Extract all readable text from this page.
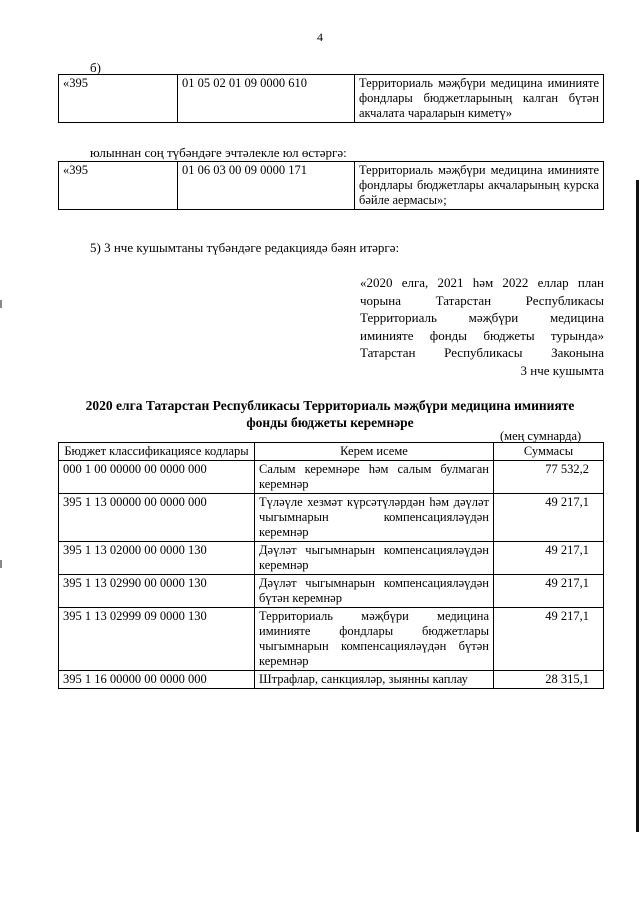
4
б)
«395	01 05 02 01 09 0000 610	Территориаль мәҗбүри медицина иминияте фондлары бюджетларының калган бүтән акчалата чараларын киметү»
юлыннан соң түбәндәге эчтәлекле юл өстәргә:
«395	01 06 03 00 09 0000 171	Территориаль мәҗбүри медицина иминияте фондлары бюджетлары акчаларының курска бәйле аермасы»;
5) 3 нче кушымтаны түбәндәге редакциядә бәян итәргә:
«2020 елга, 2021 һәм 2022 еллар план
чорына Татарстан Республикасы
Территориаль мәҗбүри медицина
иминияте фонды бюджеты турында»
Татарстан Республикасы Законына
3 нче кушымта
2020 елга Татарстан Республикасы Территориаль мәҗбүри медицина иминияте
фонды бюджеты керемнәре
(мең сумнарда)
Бюджет классификациясе кодлары	Керем исеме	Суммасы
000 1 00 00000 00 0000 000	Салым керемнәре һәм салым булмаган керемнәр	77 532,2
395 1 13 00000 00 0000 000	Түләүле хезмәт күрсәтүләрдән һәм дәүләт чыгымнарын компенсацияләүдән керемнәр	49 217,1
395 1 13 02000 00 0000 130	Дәүләт чыгымнарын компенсацияләүдән керемнәр	49 217,1
395 1 13 02990 00 0000 130	Дәүләт чыгымнарын компенсацияләүдән бүтән керемнәр	49 217,1
395 1 13 02999 09 0000 130	Территориаль мәҗбүри медицина иминияте фондлары бюджетлары чыгымнарын компенсацияләүдән бүтән керемнәр	49 217,1
395 1 16 00000 00 0000 000	Штрафлар, санкцияләр, зыянны каплау	28 315,1
